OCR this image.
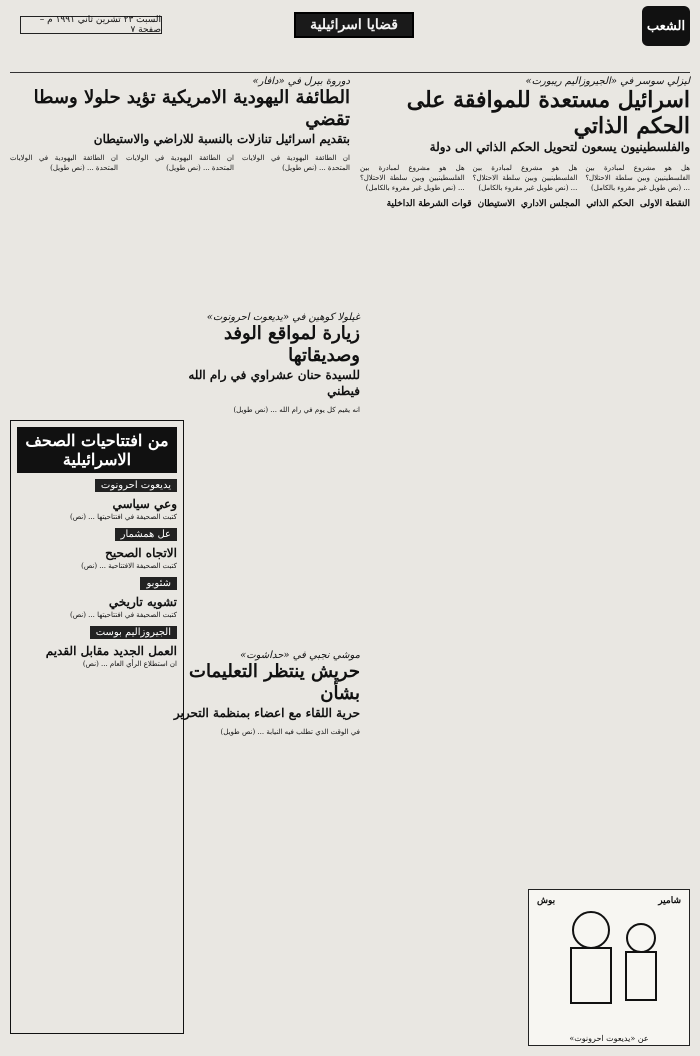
الشعب
قضايا اسرائيلية
السبت ٢٣ تشرين ثاني ١٩٩١ م – صفحة ٧
ليزلي سوسر في «الجيروزاليم ريبورت»
اسرائيل مستعدة للموافقة على الحكم الذاتي
والفلسطينيون يسعون لتحويل الحكم الذاتي الى دولة
هل هو مشروع لمبادرة بين الفلسطينيين وبين سلطة الاحتلال؟ ... (نص طويل غير مقروء بالكامل)
هل هو مشروع لمبادرة بين الفلسطينيين وبين سلطة الاحتلال؟ ... (نص طويل غير مقروء بالكامل)
هل هو مشروع لمبادرة بين الفلسطينيين وبين سلطة الاحتلال؟ ... (نص طويل غير مقروء بالكامل)
النقطة الاولى
الحكم الذاتي
المجلس الاداري
الاستيطان
قوات الشرطة الداخلية
دوروة بيرل في «دافار»
الطائفة اليهودية الامريكية تؤيد حلولا وسطا تقضي
بتقديم اسرائيل تنازلات بالنسبة للاراضي والاستيطان
ان الطائفة اليهودية في الولايات المتحدة ... (نص طويل)
ان الطائفة اليهودية في الولايات المتحدة ... (نص طويل)
ان الطائفة اليهودية في الولايات المتحدة ... (نص طويل)
من افتتاحيات الصحف الاسرائيلية
يديعوت احرونوت
وعي سياسي
كتبت الصحيفة في افتتاحيتها ... (نص)
عل همشمار
الاتجاه الصحيح
كتبت الصحيفة الافتتاحية ... (نص)
شئوبو
تشويه تاريخي
كتبت الصحيفة في افتتاحيتها ... (نص)
الجيروزاليم بوست
العمل الجديد مقابل القديم
ان استطلاع الرأي العام ... (نص)
غيلولا كوهين في «يديعوت احرونوت»
زيارة لمواقع الوفد وصديقاتها
للسيدة حنان عشراوي في رام الله فيطني
انه يقيم كل يوم في رام الله ... (نص طويل)
موشي نجبي في «حداشوت»
حريش ينتظر التعليمات بشأن
حرية اللقاء مع اعضاء بمنظمة التحرير
في الوقت الذي تطلب فيه النيابة ... (نص طويل)
شامير
بوش
عن «يديعوت احرونوت»
